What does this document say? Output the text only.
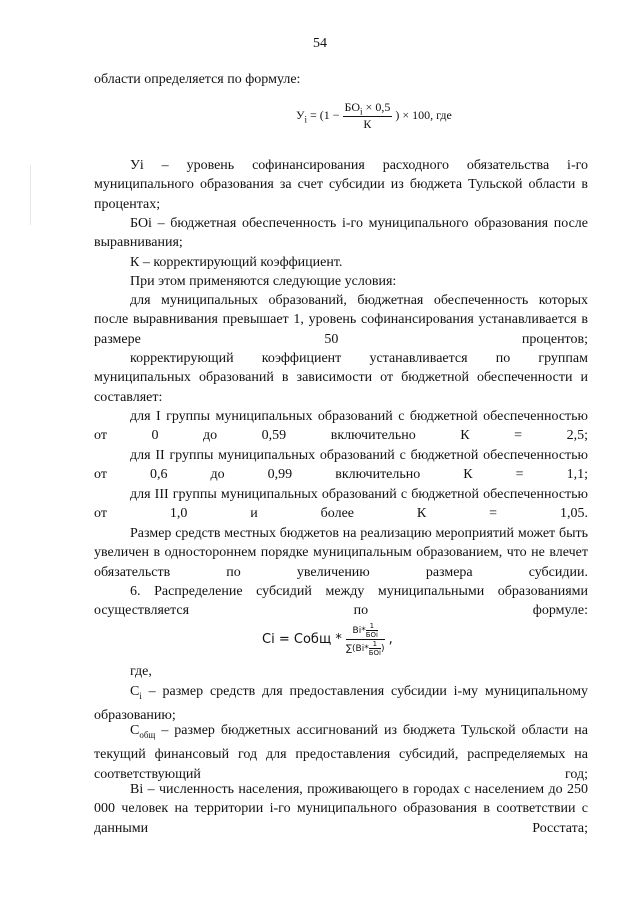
54

области определяется по формуле:

$У_i = (1 - \frac{БО_i \times 0,5}{К}$ ) × 100, где

Уi – уровень софинансирования расходного обязательства i-го муниципального образования за счет субсидии из бюджета Тульской области в процентах;

БОi – бюджетная обеспеченность i-го муниципального образования после выравнивания;

К – корректирующий коэффициент.

При этом применяются следующие условия:

для муниципальных образований, бюджетная обеспеченность которых после выравнивания превышает 1, уровень софинансирования устанавливается в размере 50 процентов;

корректирующий коэффициент устанавливается по группам муниципальных образований в зависимости от бюджетной обеспеченности и составляет:

для I группы муниципальных образований с бюджетной обеспеченностью от 0 до 0,59 включительно К = 2,5;

для II группы муниципальных образований с бюджетной обеспеченностью от 0,6 до 0,99 включительно К = 1,1;

для III группы муниципальных образований с бюджетной обеспеченностью от 1,0 и более К = 1,05.

Размер средств местных бюджетов на реализацию мероприятий может быть увеличен в одностороннем порядке муниципальным образованием, что не влечет обязательств по увеличению размера субсидии.

6. Распределение субсидий между муниципальными образованиями осуществляется по формуле:

Ci = Собщ * $\frac{Bi* \frac{1}{\text{БОi}}}{\sum(Bi* \frac{1}{\text{БОi}} )}$ ,

где,

$C_i$ – размер средств для предоставления субсидии i-му муниципальному образованию;

$C_{общ}$ – размер бюджетных ассигнований из бюджета Тульской области на текущий финансовый год для предоставления субсидий, распределяемых на соответствующий год;

Bi – численность населения, проживающего в городах с населением до 250 000 человек на территории i-го муниципального образования в соответствии с данными Росстата;
